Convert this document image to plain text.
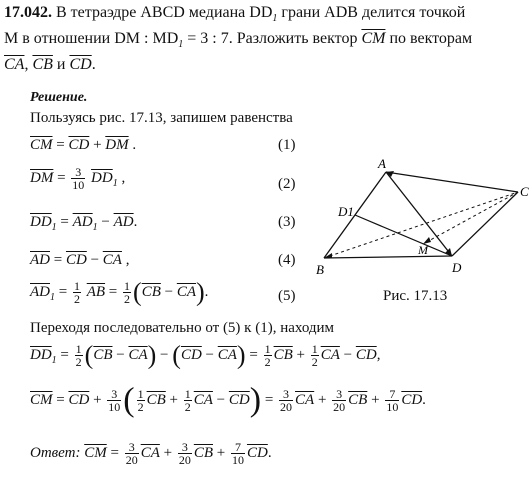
17.042. В тетраэдре ABCD медиана $DD_1$ грани ADB делится точкой
M в отношении DM : $MD_1 = 3$ : 7. Разложить вектор $\overline{CM}$ по векторам
$\overline{CA}$, $\overline{CB}$ и $\overline{CD}$.
Решение.
Пользуясь рис. 17.13, запишем равенства
$\overline{CM} = \overline{CD} + \overline{DM}$ .	(1)
$\overline{DM} = \frac{3}{10} \overline{DD}_1$ ,	(2)
$\overline{DD}_1 = \overline{AD}_1 - \overline{AD}$.	(3)
$\overline{AD} = \overline{CD} - \overline{CA}$ ,	(4)
$\overline{AD}_1 = \frac{1}{2} \overline{AB} = \frac{1}{2} (\overline{CB} - \overline{CA})$.	(5)
Переходя последовательно от (5) к (1), находим
$\overline{DD}_1 = \frac{1}{2} (\overline{CB} - \overline{CA}) - (\overline{CD} - \overline{CA}) = \frac{1}{2} \overline{CB} + \frac{1}{2} \overline{CA} - \overline{CD}$,
$\overline{CM} = \overline{CD} + \frac{3}{10}$ ( $\frac{1}{2} \overline{CB} + \frac{1}{2} \overline{CA} - \overline{CD}) = \frac{3}{20} \overline{CA} + \frac{3}{20} \overline{CB} + \frac{7}{10} \overline{CD}$.
Ответ: $\overline{CM} = \frac{3}{20} \overline{CA} + \frac{3}{20} \overline{CB} + \frac{7}{10} \overline{CD}$.
A
B
C
D
D1
M
Рис. 17.13
